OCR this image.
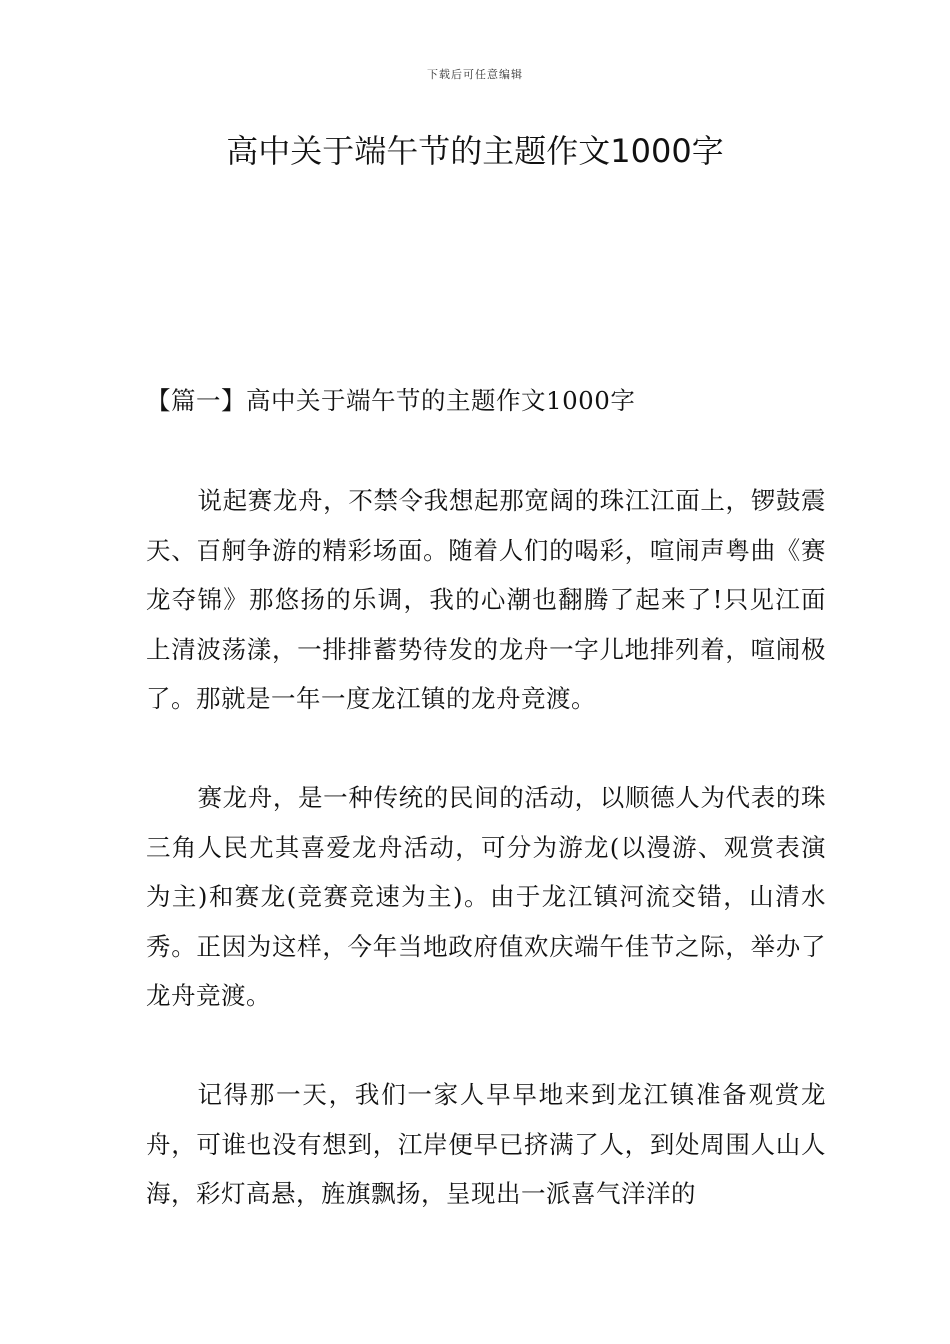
下载后可任意编辑
高中关于端午节的主题作文1000字
【篇一】高中关于端午节的主题作文1000字

说起赛龙舟，不禁令我想起那宽阔的珠江江面上，锣鼓震天、百舸争游的精彩场面。随着人们的喝彩，喧闹声粤曲《赛龙夺锦》那悠扬的乐调，我的心潮也翻腾了起来了!只见江面上清波荡漾，一排排蓄势待发的龙舟一字儿地排列着，喧闹极了。那就是一年一度龙江镇的龙舟竞渡。

赛龙舟，是一种传统的民间的活动，以顺德人为代表的珠三角人民尤其喜爱龙舟活动，可分为游龙(以漫游、观赏表演为主)和赛龙(竞赛竞速为主)。由于龙江镇河流交错，山清水秀。正因为这样，今年当地政府值欢庆端午佳节之际，举办了龙舟竞渡。

记得那一天，我们一家人早早地来到龙江镇准备观赏龙舟，可谁也没有想到，江岸便早已挤满了人，到处周围人山人海，彩灯高悬，旌旗飘扬，呈现出一派喜气洋洋的
